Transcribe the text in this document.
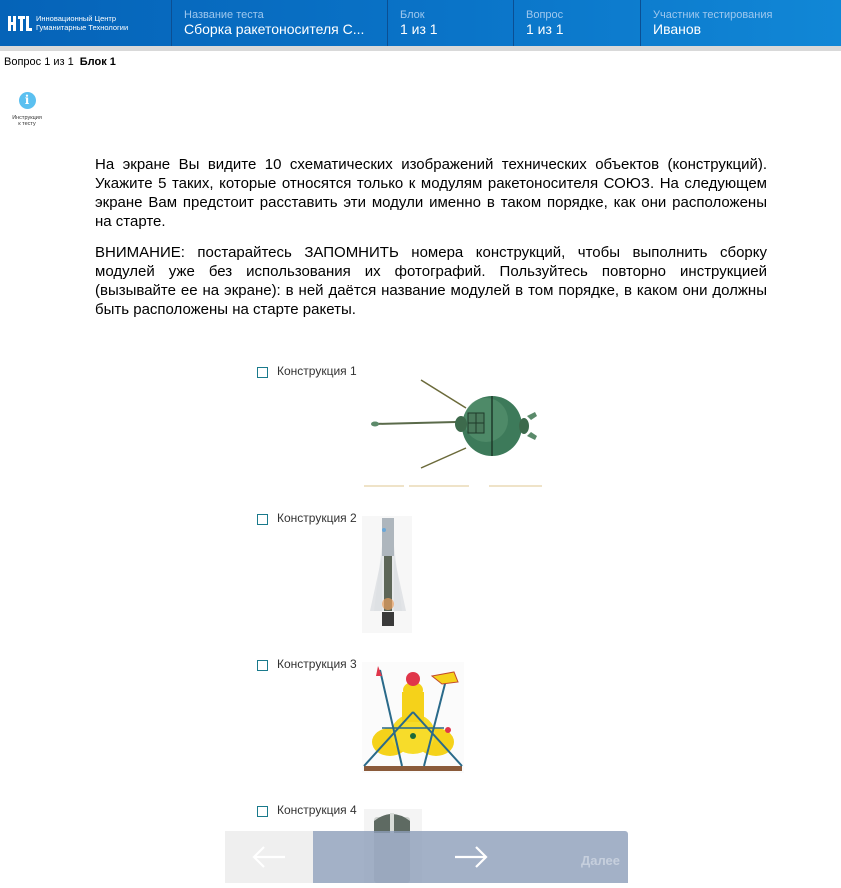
Инновационный Центр
Гуманитарные Технологии
Название теста
Сборка ракетоносителя С...
Блок
1 из 1
Вопрос
1 из 1
Участник тестирования
Иванов
Вопрос 1 из 1 Блок 1
i
Инструкция
к тесту

На экране Вы видите 10 схематических изображений технических объектов (конструкций). Укажите 5 таких, которые относятся только к модулям ракетоносителя СОЮЗ. На следующем экране Вам предстоит расставить эти модули именно в таком порядке, как они расположены на старте.

ВНИМАНИЕ: постарайтесь ЗАПОМНИТЬ номера конструкций, чтобы выполнить сборку модулей уже без использования их фотографий. Пользуйтесь повторно инструкцией (вызывайте ее на экране): в ней даётся название модулей в том порядке, в каком они должны быть расположены на старте ракеты.

Конструкция 1
Конструкция 2
Конструкция 3
Конструкция 4
Далее
